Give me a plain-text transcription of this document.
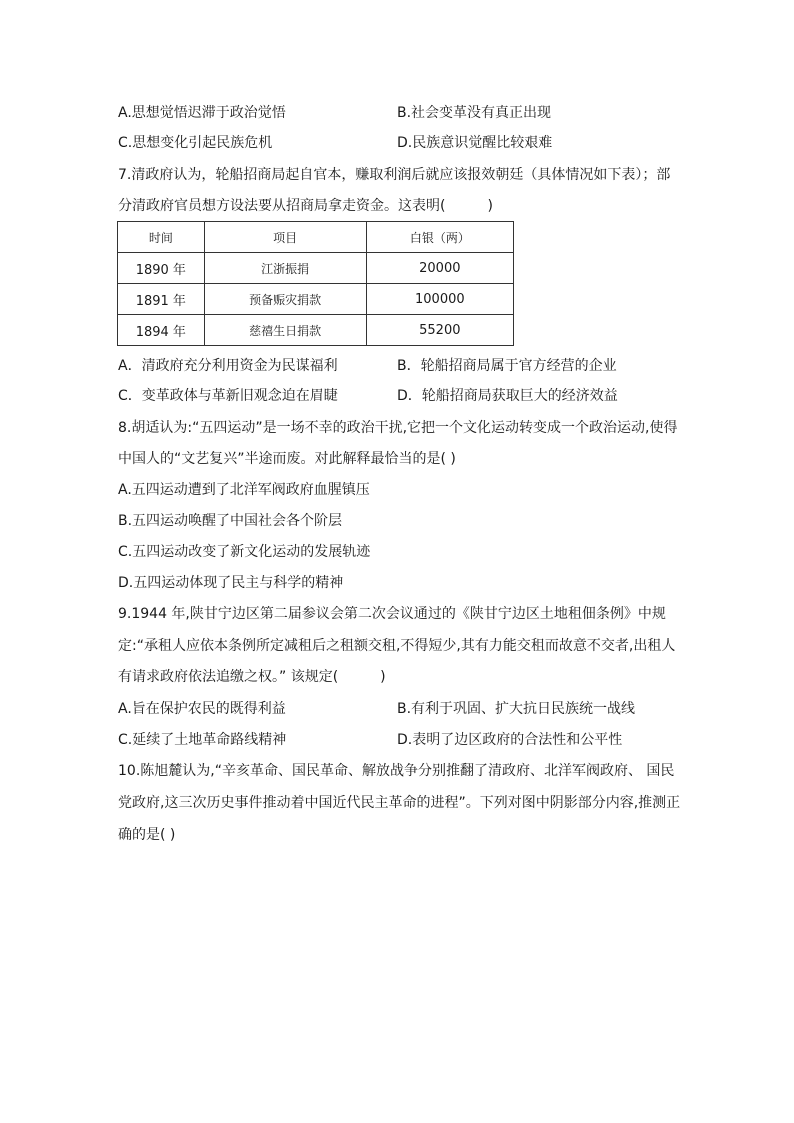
A.思想觉悟迟滞于政治觉悟	B.社会变革没有真正出现
C.思想变化引起民族危机	D.民族意识觉醒比较艰难
7.清政府认为，轮船招商局起自官本，赚取利润后就应该报效朝廷（具体情况如下表）；部
分清政府官员想方设法要从招商局拿走资金。这表明(　　　)
时间	项目	白银（两）
1890 年	江浙振捐	20000
1891 年	预备赈灾捐款	100000
1894 年	慈禧生日捐款	55200
A．清政府充分利用资金为民谋福利	B．轮船招商局属于官方经营的企业
C．变革政体与革新旧观念迫在眉睫	D．轮船招商局获取巨大的经济效益
8.胡适认为:“五四运动”是一场不幸的政治干扰,它把一个文化运动转变成一个政治运动,使得
中国人的“文艺复兴”半途而废。对此解释最恰当的是( )
A.五四运动遭到了北洋军阀政府血腥镇压
B.五四运动唤醒了中国社会各个阶层
C.五四运动改变了新文化运动的发展轨迹
D.五四运动体现了民主与科学的精神
9.1944 年,陕甘宁边区第二届参议会第二次会议通过的《陕甘宁边区土地租佃条例》中规
定:“承租人应依本条例所定减租后之租额交租,不得短少,其有力能交租而故意不交者,出租人
有请求政府依法追缴之权。” 该规定(　　　)
A.旨在保护农民的既得利益	B.有利于巩固、扩大抗日民族统一战线
C.延续了土地革命路线精神	D.表明了边区政府的合法性和公平性
10.陈旭麓认为,“辛亥革命、国民革命、解放战争分别推翻了清政府、北洋军阀政府、 国民
党政府,这三次历史事件推动着中国近代民主革命的进程”。下列对图中阴影部分内容,推测正
确的是( )
